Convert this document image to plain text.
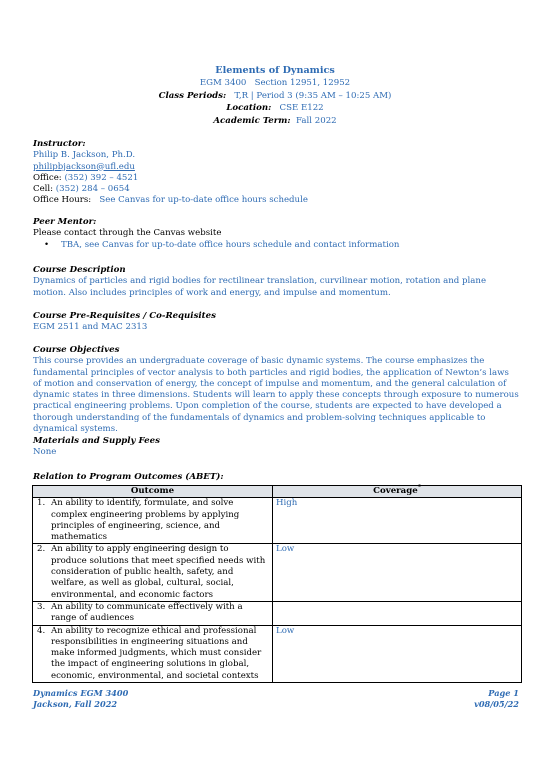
Elements of Dynamics
EGM 3400   Section 12951, 12952
Class Periods: T,R | Period 3 (9:35 AM – 10:25 AM)
Location: CSE E122
Academic Term: Fall 2022
Instructor:
Philip B. Jackson, Ph.D.
philipbjackson@ufl.edu
Office: (352) 392 – 4521
Cell: (352) 284 – 0654
Office Hours: See Canvas for up-to-date office hours schedule
Peer Mentor:
Please contact through the Canvas website
• TBA, see Canvas for up-to-date office hours schedule and contact information
Course Description
Dynamics of particles and rigid bodies for rectilinear translation, curvilinear motion, rotation and plane motion. Also includes principles of work and energy, and impulse and momentum.
Course Pre-Requisites / Co-Requisites
EGM 2511 and MAC 2313
Course Objectives
This course provides an undergraduate coverage of basic dynamic systems. The course emphasizes the fundamental principles of vector analysis to both particles and rigid bodies, the application of Newton’s laws of motion and conservation of energy, the concept of impulse and momentum, and the general calculation of dynamic states in three dimensions. Students will learn to apply these concepts through exposure to numerous practical engineering problems. Upon completion of the course, students are expected to have developed a thorough understanding of the fundamentals of dynamics and problem-solving techniques applicable to dynamical systems.
Materials and Supply Fees
None
Relation to Program Outcomes (ABET):
Outcome	Coverage*
1. An ability to identify, formulate, and solve complex engineering problems by applying principles of engineering, science, and mathematics	High
2. An ability to apply engineering design to produce solutions that meet specified needs with consideration of public health, safety, and welfare, as well as global, cultural, social, environmental, and economic factors	Low
3. An ability to communicate effectively with a range of audiences	
4. An ability to recognize ethical and professional responsibilities in engineering situations and make informed judgments, which must consider the impact of engineering solutions in global, economic, environmental, and societal contexts	Low
Dynamics EGM 3400	Page 1
Jackson, Fall 2022	v08/05/22
